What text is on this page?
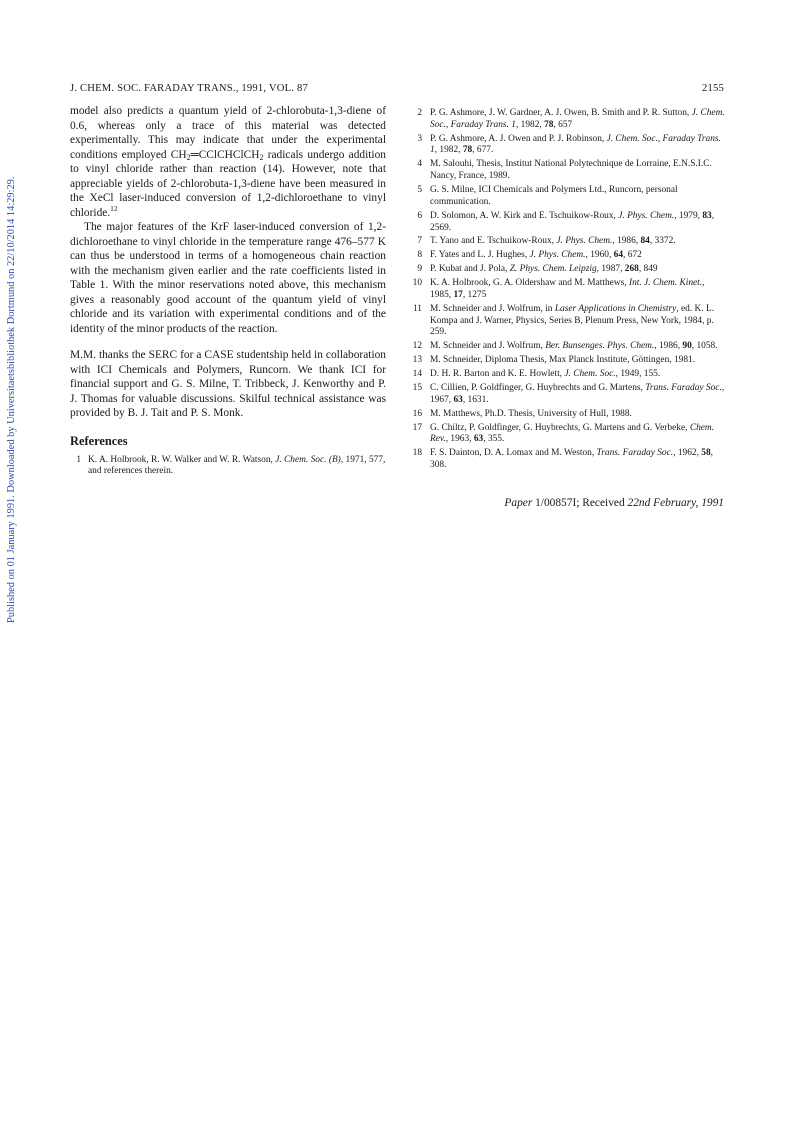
Published on 01 January 1991. Downloaded by Universitaetsbibliothek Dortmund on 22/10/2014 14:29:29.
J. CHEM. SOC. FARADAY TRANS., 1991, VOL. 87	2155

model also predicts a quantum yield of 2-chlorobuta-1,3-diene of 0.6, whereas only a trace of this material was detected experimentally. This may indicate that under the experimental conditions employed $CH_2═CClCHClCH_2$ radicals undergo addition to vinyl chloride rather than reaction (14). However, note that appreciable yields of 2-chlorobuta-1,3-diene have been measured in the XeCl laser-induced conversion of 1,2-dichloroethane to vinyl chloride.$^{12}$

The major features of the KrF laser-induced conversion of 1,2-dichloroethane to vinyl chloride in the temperature range 476–577 K can thus be understood in terms of a homogeneous chain reaction with the mechanism given earlier and the rate coefficients listed in Table 1. With the minor reservations noted above, this mechanism gives a reasonably good account of the quantum yield of vinyl chloride and its variation with experimental conditions and of the identity of the minor products of the reaction.

M.M. thanks the SERC for a CASE studentship held in collaboration with ICI Chemicals and Polymers, Runcorn. We thank ICI for financial support and G. S. Milne, T. Tribbeck, J. Kenworthy and P. J. Thomas for valuable discussions. Skilful technical assistance was provided by B. J. Tait and P. S. Monk.

References
1 K. A. Holbrook, R. W. Walker and W. R. Watson, J. Chem. Soc. (B), 1971, 577, and references therein.
2 P. G. Ashmore, J. W. Gardner, A. J. Owen, B. Smith and P. R. Sutton, J. Chem. Soc., Faraday Trans. 1, 1982, 78, 657
3 P. G. Ashmore, A. J. Owen and P. J. Robinson, J. Chem. Soc., Faraday Trans. 1, 1982, 78, 677.
4 M. Salouhi, Thesis, Institut National Polytechnique de Lorraine, E.N.S.I.C. Nancy, France, 1989.
5 G. S. Milne, ICI Chemicals and Polymers Ltd., Runcorn, personal communication.
6 D. Solomon, A. W. Kirk and E. Tschuikow-Roux, J. Phys. Chem., 1979, 83, 2569.
7 T. Yano and E. Tschuikow-Roux, J. Phys. Chem., 1986, 84, 3372.
8 F. Yates and L. J. Hughes, J. Phys. Chem., 1960, 64, 672
9 P. Kubat and J. Pola, Z. Phys. Chem. Leipzig, 1987, 268, 849
10 K. A. Holbrook, G. A. Oldershaw and M. Matthews, Int. J. Chem. Kinet., 1985, 17, 1275
11 M. Schneider and J. Wolfrum, in Laser Applications in Chemistry, ed. K. L. Kompa and J. Warner, Physics, Series B, Plenum Press, New York, 1984, p. 259.
12 M. Schneider and J. Wolfrum, Ber. Bunsenges. Phys. Chem., 1986, 90, 1058.
13 M. Schneider, Diploma Thesis, Max Planck Institute, Göttingen, 1981.
14 D. H. R. Barton and K. E. Howlett, J. Chem. Soc., 1949, 155.
15 C. Cillien, P. Goldfinger, G. Huybrechts and G. Martens, Trans. Faraday Soc., 1967, 63, 1631.
16 M. Matthews, Ph.D. Thesis, University of Hull, 1988.
17 G. Chiltz, P. Goldfinger, G. Huybrechts, G. Martens and G. Verbeke, Chem. Rev., 1963, 63, 355.
18 F. S. Dainton, D. A. Lomax and M. Weston, Trans. Faraday Soc., 1962, 58, 308.
Paper 1/00857I; Received 22nd February, 1991
